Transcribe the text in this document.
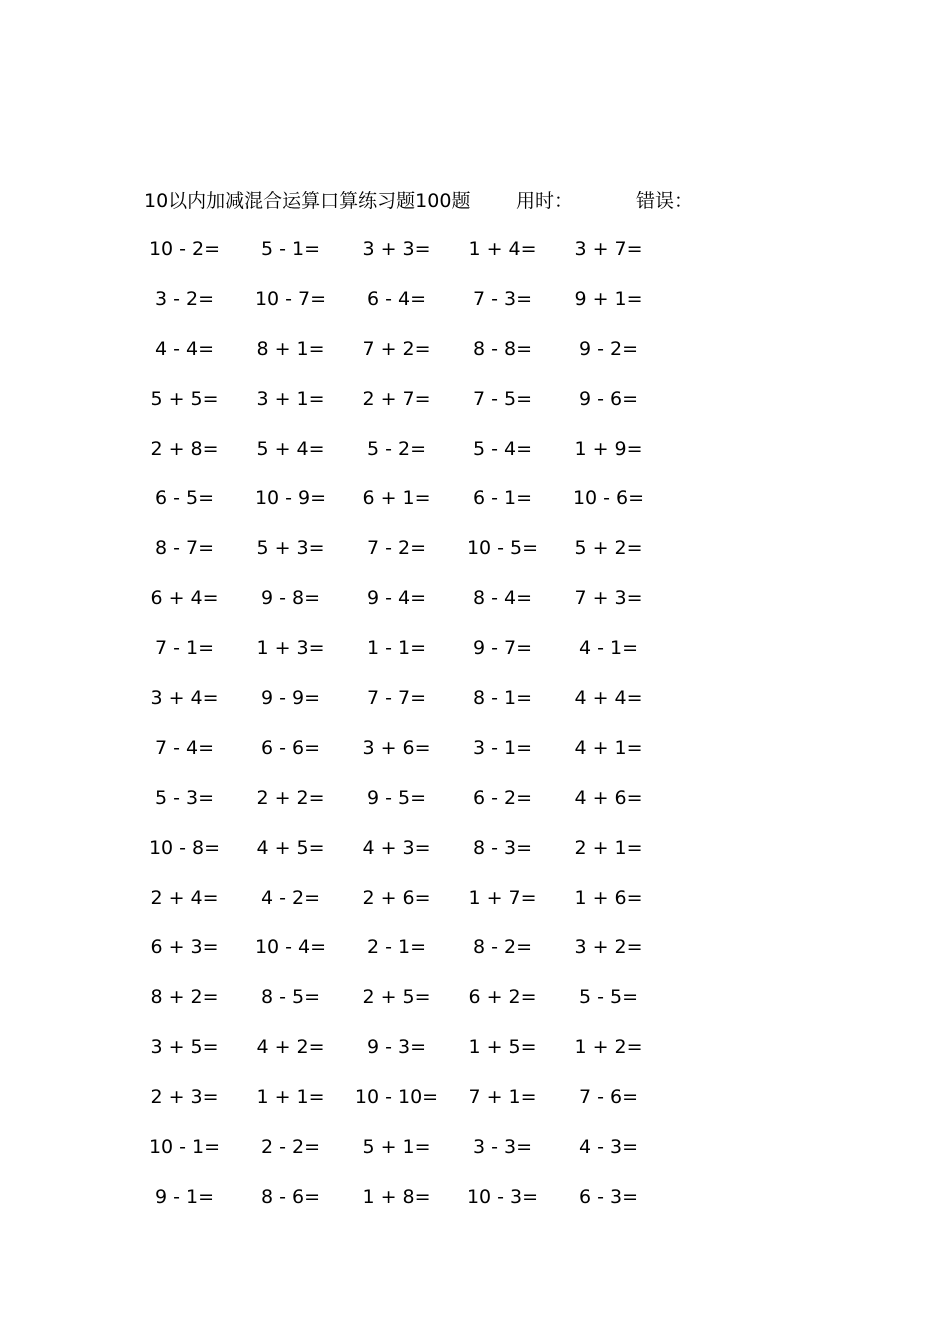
10以内加减混合运算口算练习题100题 用时：	错误：
10 - 2=	5 - 1=	3 + 3=	1 + 4=	3 + 7=
3 - 2=	10 - 7=	6 - 4=	7 - 3=	9 + 1=
4 - 4=	8 + 1=	7 + 2=	8 - 8=	9 - 2=
5 + 5=	3 + 1=	2 + 7=	7 - 5=	9 - 6=
2 + 8=	5 + 4=	5 - 2=	5 - 4=	1 + 9=
6 - 5=	10 - 9=	6 + 1=	6 - 1=	10 - 6=
8 - 7=	5 + 3=	7 - 2=	10 - 5=	5 + 2=
6 + 4=	9 - 8=	9 - 4=	8 - 4=	7 + 3=
7 - 1=	1 + 3=	1 - 1=	9 - 7=	4 - 1=
3 + 4=	9 - 9=	7 - 7=	8 - 1=	4 + 4=
7 - 4=	6 - 6=	3 + 6=	3 - 1=	4 + 1=
5 - 3=	2 + 2=	9 - 5=	6 - 2=	4 + 6=
10 - 8=	4 + 5=	4 + 3=	8 - 3=	2 + 1=
2 + 4=	4 - 2=	2 + 6=	1 + 7=	1 + 6=
6 + 3=	10 - 4=	2 - 1=	8 - 2=	3 + 2=
8 + 2=	8 - 5=	2 + 5=	6 + 2=	5 - 5=
3 + 5=	4 + 2=	9 - 3=	1 + 5=	1 + 2=
2 + 3=	1 + 1=	10 - 10=	7 + 1=	7 - 6=
10 - 1=	2 - 2=	5 + 1=	3 - 3=	4 - 3=
9 - 1=	8 - 6=	1 + 8=	10 - 3=	6 - 3=
